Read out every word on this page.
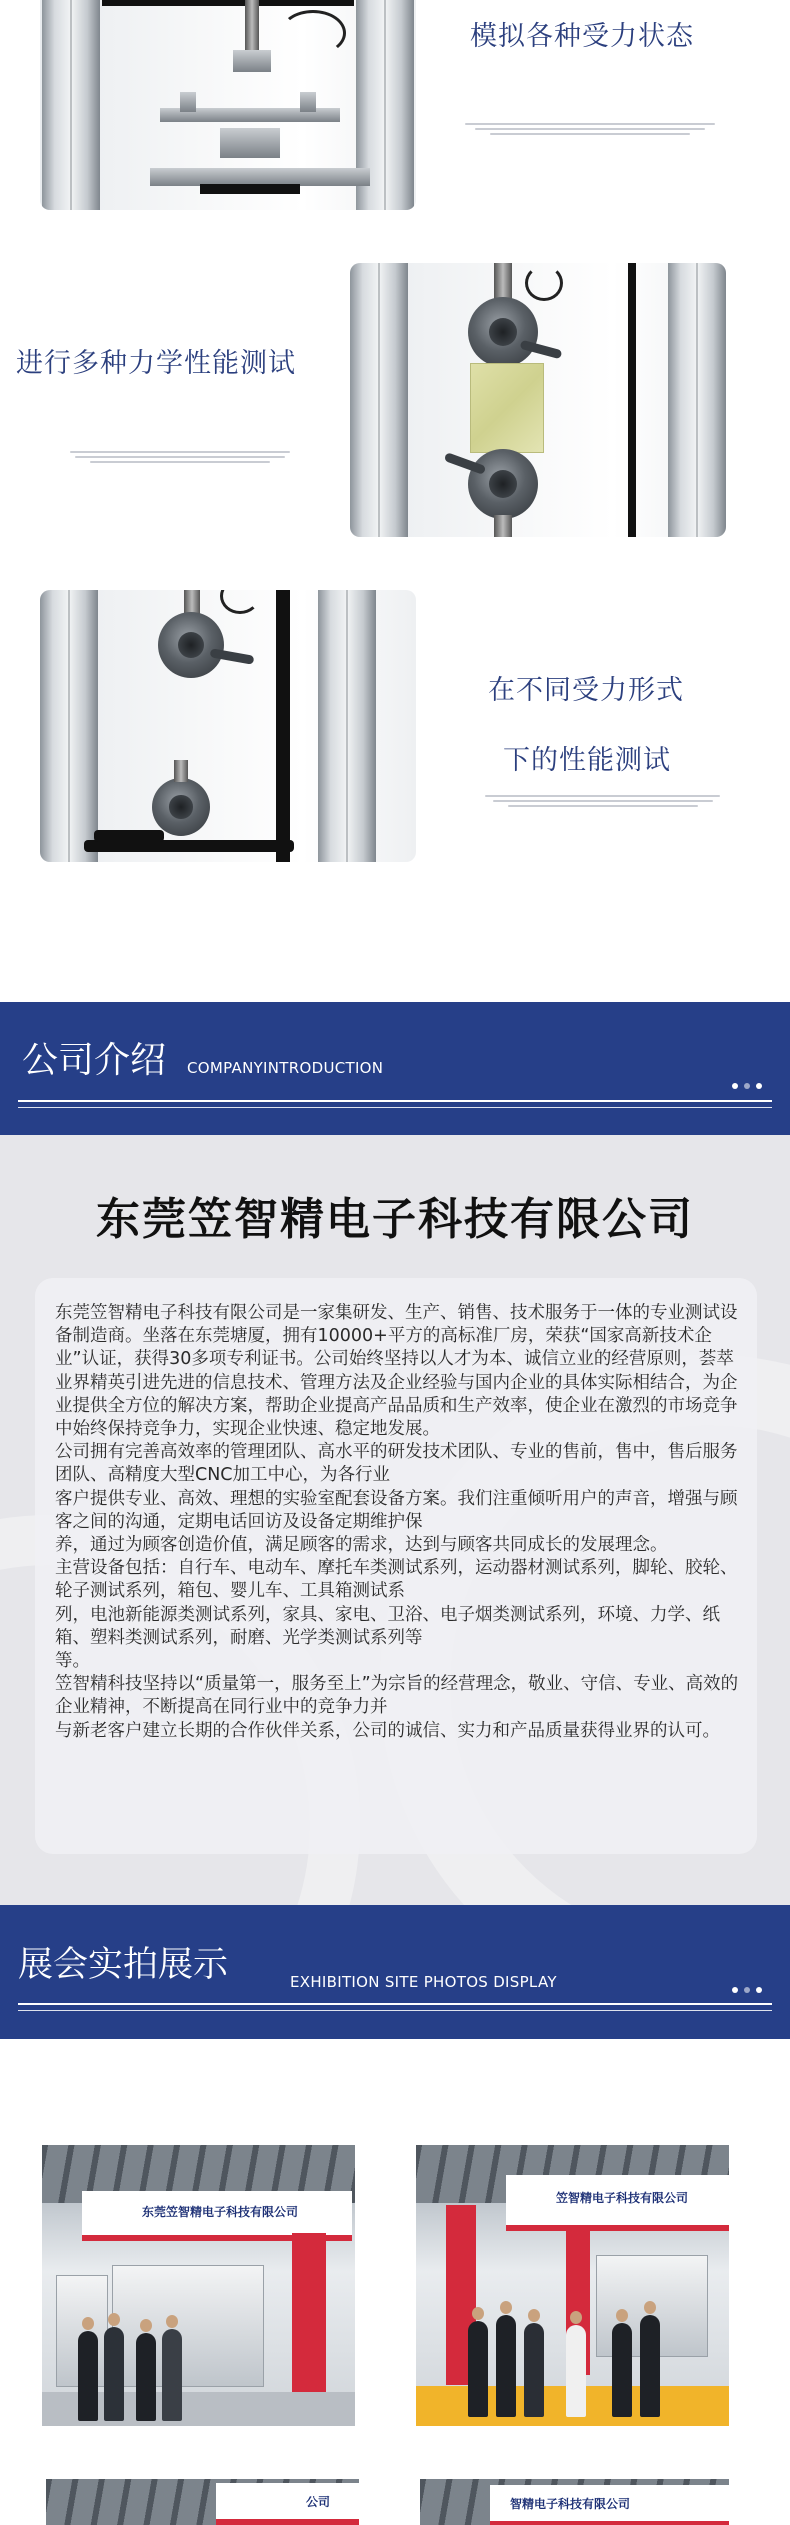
模拟各种受力状态
进行多种力学性能测试
在不同受力形式
下的性能测试
公司介绍 COMPANYINTRODUCTION
东莞笠智精电子科技有限公司

东莞笠智精电子科技有限公司是一家集研发、生产、销售、技术服务于一体的专业测试设备制造商。坐落在东莞塘厦，拥有10000+平方的高标准厂房，荣获“国家高新技术企业”认证，获得30多项专利证书。公司始终坚持以人才为本、诚信立业的经营原则，荟萃业界精英引进先进的信息技术、管理方法及企业经验与国内企业的具体实际相结合，为企业提供全方位的解决方案，帮助企业提高产品品质和生产效率，使企业在激烈的市场竞争中始终保持竞争力，实现企业快速、稳定地发展。

公司拥有完善高效率的管理团队、高水平的研发技术团队、专业的售前，售中，售后服务团队、高精度大型CNC加工中心，为各行业

客户提供专业、高效、理想的实验室配套设备方案。我们注重倾听用户的声音，增强与顾客之间的沟通，定期电话回访及设备定期维护保

养，通过为顾客创造价值，满足顾客的需求，达到与顾客共同成长的发展理念。

主营设备包括：自行车、电动车、摩托车类测试系列，运动器材测试系列，脚轮、胶轮、轮子测试系列，箱包、婴儿车、工具箱测试系

列，电池新能源类测试系列，家具、家电、卫浴、电子烟类测试系列，环境、力学、纸箱、塑料类测试系列，耐磨、光学类测试系列等

等。

笠智精科技坚持以“质量第一，服务至上”为宗旨的经营理念，敬业、守信、专业、高效的企业精神，不断提高在同行业中的竞争力并

与新老客户建立长期的合作伙伴关系，公司的诚信、实力和产品质量获得业界的认可。

展会实拍展示	EXHIBITION SITE PHOTOS DISPLAY
东莞笠智精电子科技有限公司
笠智精电子科技有限公司
公司	智精电子科技有限公司
